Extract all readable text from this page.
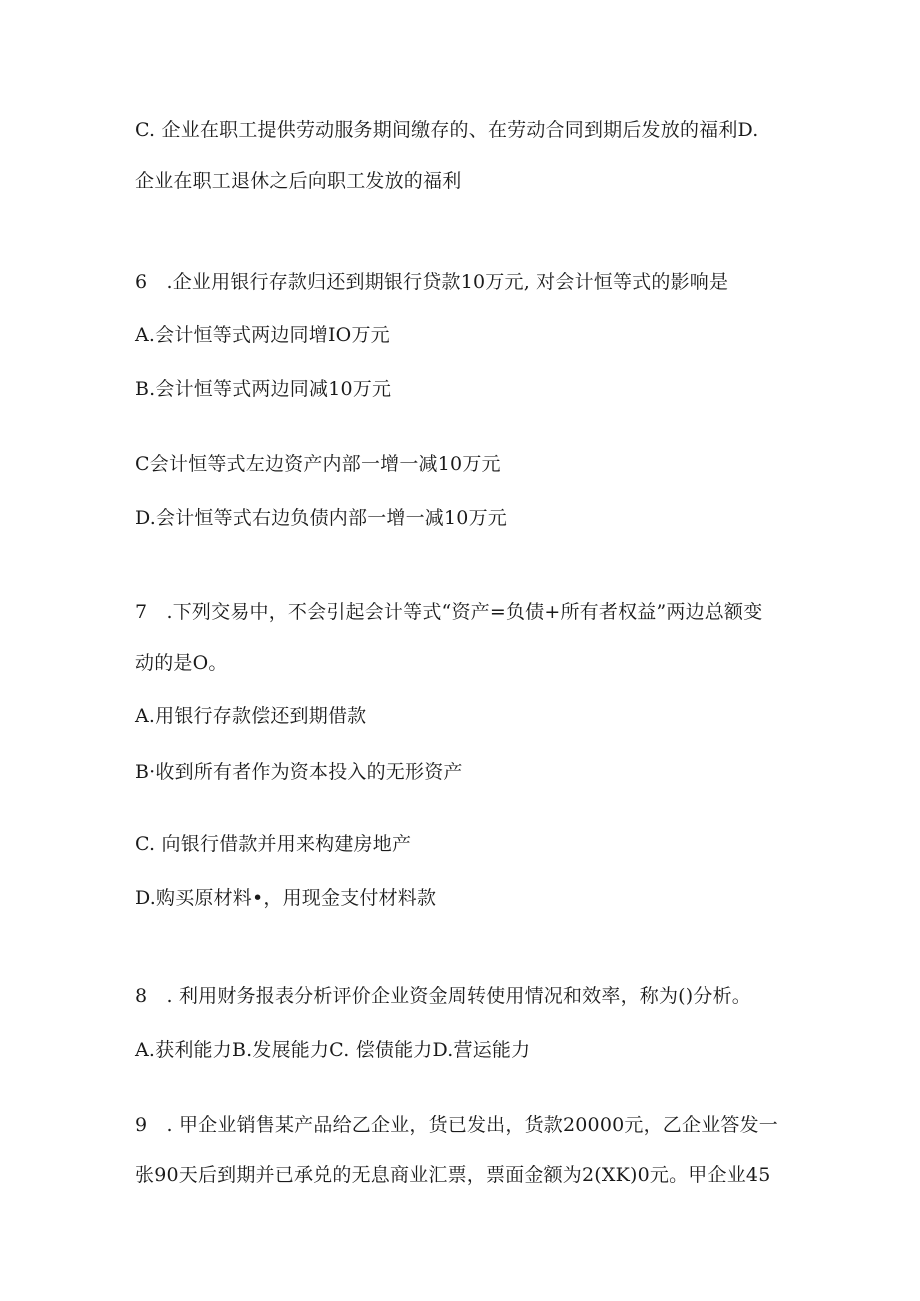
C. 企业在职工提供劳动服务期间缴存的、在劳动合同到期后发放的福利D.
企业在职工退休之后向职工发放的福利
6　.企业用银行存款归还到期银行贷款10万元, 对会计恒等式的影响是
A.会计恒等式两边同增IO万元
B.会计恒等式两边同减10万元
C会计恒等式左边资产内部一增一减10万元
D.会计恒等式右边负债内部一增一减10万元
7　.下列交易中，不会引起会计等式“资产=负债+所有者权益”两边总额变
动的是O。
A.用银行存款偿还到期借款
B·收到所有者作为资本投入的无形资产
C. 向银行借款并用来构建房地产
D.购买原材料•，用现金支付材料款
8　. 利用财务报表分析评价企业资金周转使用情况和效率，称为()分析。
A.获利能力B.发展能力C. 偿债能力D.营运能力
9　. 甲企业销售某产品给乙企业，货已发出，货款20000元，乙企业答发一
张90天后到期并已承兑的无息商业汇票，票面金额为2(XK)0元。甲企业45
